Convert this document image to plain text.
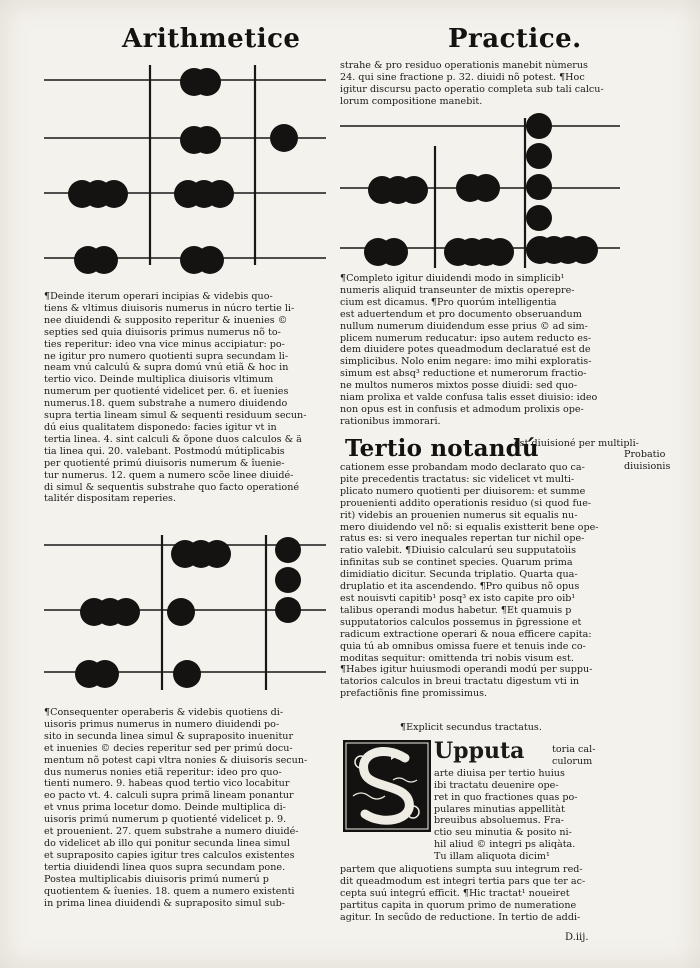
Arithmetice	Practice.
¶Deinde iterum operari incipias & videbis quo-
tiens & vltimus diuisoris numerus in núcro tertie li-
nee diuidendi & supposito reperitur & inuenies ©
septies sed quia diuisoris primus numerus nõ to-
ties reperitur: ideo vna vice minus accipiatur: po-
ne igitur pro numero quotienti supra secundam li-
neam vnú calculú & supra domú vnú etiã & hoc in
tertio vico. Deinde multiplica diuisoris vltimum
numerum per quotienté videlicet per. 6. et îuenies
numerus.18. quem substrahe a numero diuidendo
supra tertia lineam simul & sequenti residuum secun-
dú eius qualitatem disponedo: facies igitur vt in
tertia linea. 4. sint calculi & õpone duos calculos & ä
tia linea qui. 20. valebant. Postmodú mútiplicabis
per quotienté primú diuisoris numerum & îuenie-
tur numerus. 12. quem a numero scõe linee diuidé-
di simul & sequentis substrahe quo facto operationé
talitér dispositam reperies.
¶Consequenter operaberis & videbis quotiens di-
uisoris primus numerus in numero diuidendi po-
sito in secunda linea simul & supraposito inuenitur
et inuenies © decies reperitur sed per primú docu-
mentum nõ potest capi vltra nonies & diuisoris secun-
dus numerus nonies etiã reperitur: ideo pro quo-
tienti numero. 9. habeas quod tertio vico locabitur
eo pacto vt. 4. calculi supra primã lineam ponantur
et vnus prima locetur domo. Deinde multiplica di-
uisoris primú numerum p quotienté videlicet p. 9.
et prouenient. 27. quem substrahe a numero diuidé-
do videlicet ab illo qui ponitur secunda linea simul
et supraposito capies igitur tres calculos existentes
tertia diuidendi linea quos supra secundam pone.
Postea multiplicabis diuisoris primú numerú p
quotientem & îuenies. 18. quem a numero existenti
in prima linea diuidendi & supraposito simul sub-
strahe & pro residuo operationis manebit nùmerus
24. qui sine fractione p. 32. diuidi nõ potest. ¶Hoc
igitur discursu pacto operatio completa sub tali calcu-
lorum compositione manebit.
¶Completo igitur diuidendi modo in simplicib¹
numeris aliquid transeunter de mixtis operepre-
cium est dicamus. ¶Pro quorúm intelligentia
est aduertendum et pro documento obseruandum
nullum numerum diuidendum esse prius © ad sim-
plicem numerum reducatur: ipso autem reducto es-
dem diuidere potes queadmodum declaratué est de
simplicibus. Nolo enim negare: imo mihi exploratis-
simum est absq³ reductione et numerorum fractio-
ne multos numeros mixtos posse diuidi: sed quo-
niam prolixa et valde confusa talis esset diuisio: ideo
non opus est in confusis et admodum prolixis ope-
rationibus immorari.
Tertio notandú
est diuisioné per multipli-
Probatio
diuisionis
cationem esse probandam modo declarato quo ca-
pite precedentis tractatus: sic videlicet vt multi-
plicato numero quotienti per diuisorem: et summe
prouenienti addito operationis residuo (si quod fue-
rit) videbis an prouenien numerus sit equalis nu-
mero diuidendo vel nõ: si equalis existterit bene ope-
ratus es: si vero inequales repertan tur nichil ope-
ratio valebit. ¶Diuisio calcularú seu supputatoìis
infinitas sub se continet species. Quarum prima
dimidiatio dicitur. Secunda triplatio. Quarta qua-
druplatio et ita ascendendo. ¶Pro quibus nõ opus
est nouisvti capitib¹ posq³ ex isto capite pro oib¹
talibus operandi modus habetur. ¶Et quamuis p
supputatorios calculos possemus in p̃gressione et
radicum extractione operari & noua efficere capita:
quia tú ab omnibus omissa fuere et tenuis inde co-
moditas sequitur: omittenda tri nobis visum est.
¶Habes igitur huiusmodi operandi modú per suppu-
tatorios calculos in breui tractatu digestum vti in
prefactiõnis fine promissimus.
¶Explicit secundus tractatus.
Upputa	toria cal-
culorum
arte diuisa per tertio huius
ibi tractatu deuenire ope-
ret in quo fractiones quas po-
pulares minutias appellitàt
breuibus absoluemus. Fra-
ctio seu minutia & posito ni-
hil aliud © integri ps aliqàta.
Tu illam aliquota dicim¹
partem que aliquotiens sumpta suu integrum red-
dit queadmodum est integri tertia pars que ter ac-
cepta suú integrú efficit. ¶Hic tractat¹ noueiret
partitus capita in quorum primo de numeratione
agitur. In secũdo de reductione. In tertio de addi-
D.iij.
